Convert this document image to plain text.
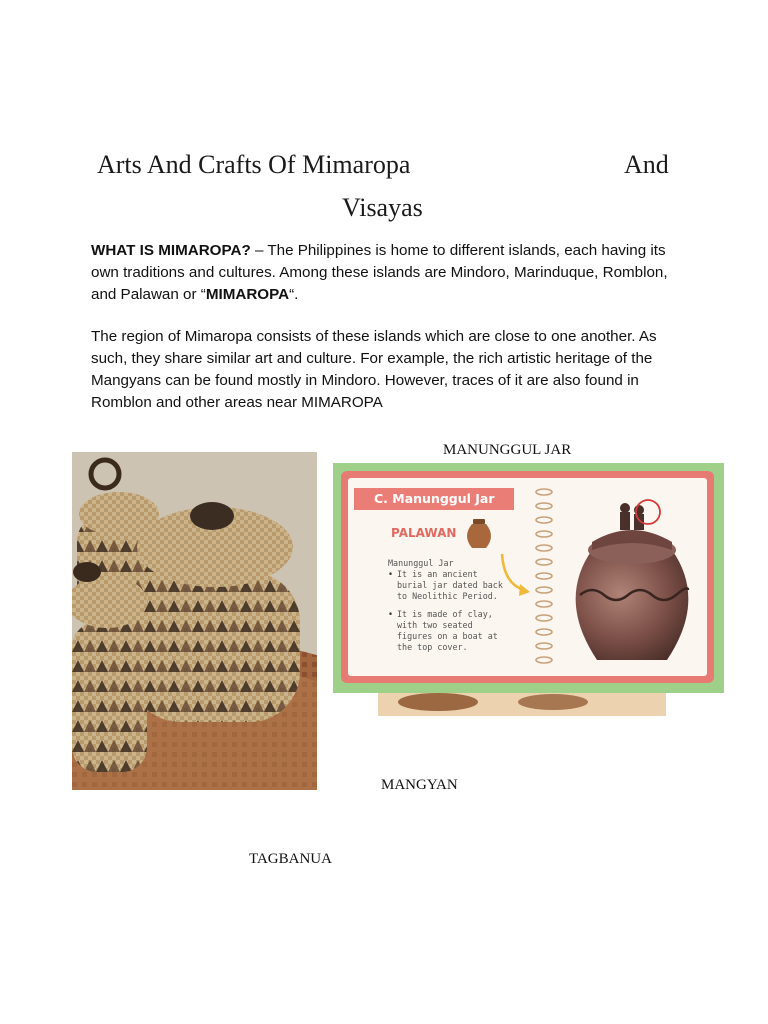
Arts And Crafts Of Mimaropa	And
Visayas
WHAT IS MIMAROPA? – The Philippines is home to different islands, each having its own traditions and cultures. Among these islands are Mindoro, Marinduque, Romblon, and Palawan or “MIMAROPA“.
The region of Mimaropa consists of these islands which are close to one another. As such, they share similar art and culture. For example, the rich artistic heritage of the Mangyans can be found mostly in Mindoro. However, traces of it are also found in Romblon and other areas near MIMAROPA
MANUNGGUL JAR
MANGYAN
TAGBANUA
C. Manunggul Jar
PALAWAN
Manunggul Jar
• It is an ancient burial jar dated back to Neolithic Period.
• It is made of clay, with two seated figures on a boat at the top cover.
